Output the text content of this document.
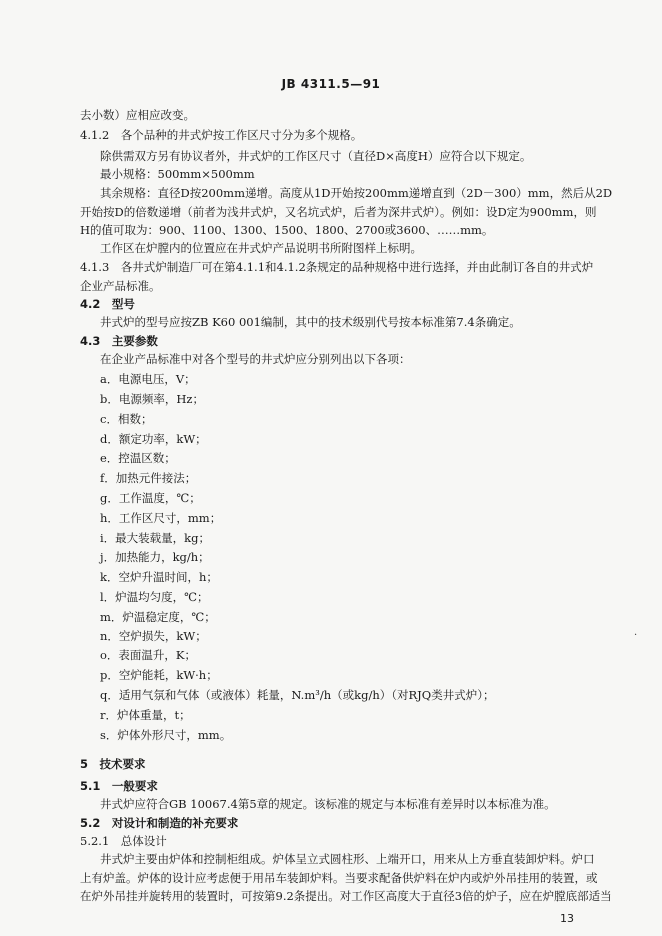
JB 4311.5—91
去小数）应相应改变。
4.1.2　各个品种的井式炉按工作区尺寸分为多个规格。
除供需双方另有协议者外，井式炉的工作区尺寸（直径D×高度H）应符合以下规定。
最小规格：500mm×500mm
其余规格：直径D按200mm递增。高度从1D开始按200mm递增直到（2D－300）mm，然后从2D
开始按D的倍数递增（前者为浅井式炉，又名坑式炉，后者为深井式炉）。例如：设D定为900mm，则
H的值可取为：900、1100、1300、1500、1800、2700或3600、……mm。
工作区在炉膛内的位置应在井式炉产品说明书所附图样上标明。
4.1.3　各井式炉制造厂可在第4.1.1和4.1.2条规定的品种规格中进行选择，并由此制订各自的井式炉
企业产品标准。
4.2　型号
井式炉的型号应按ZB K60 001编制，其中的技术级别代号按本标准第7.4条确定。
4.3　主要参数
在企业产品标准中对各个型号的井式炉应分别列出以下各项：
a．电源电压，V；
b．电源频率，Hz；
c．相数；
d．额定功率，kW；
e．控温区数；
f．加热元件接法；
g．工作温度，℃；
h．工作区尺寸，mm；
i．最大装载量，kg；
j．加热能力，kg/h；
k．空炉升温时间，h；
l．炉温均匀度，℃；
m．炉温稳定度，℃；
n．空炉损失，kW；
o．表面温升，K；
p．空炉能耗，kW·h；
q．适用气氛和气体（或液体）耗量，N.m³/h（或kg/h）（对RJQ类井式炉）；
r．炉体重量，t；
s．炉体外形尺寸，mm。
5　技术要求
5.1　一般要求
井式炉应符合GB 10067.4第5章的规定。该标准的规定与本标准有差异时以本标准为准。
5.2　对设计和制造的补充要求
5.2.1　总体设计
井式炉主要由炉体和控制柜组成。炉体呈立式圆柱形、上端开口，用来从上方垂直装卸炉料。炉口
上有炉盖。炉体的设计应考虑便于用吊车装卸炉料。当要求配备供炉料在炉内或炉外吊挂用的装置，或
在炉外吊挂并旋转用的装置时，可按第9.2条提出。对工作区高度大于直径3倍的炉子，应在炉膛底部适当
13
·
